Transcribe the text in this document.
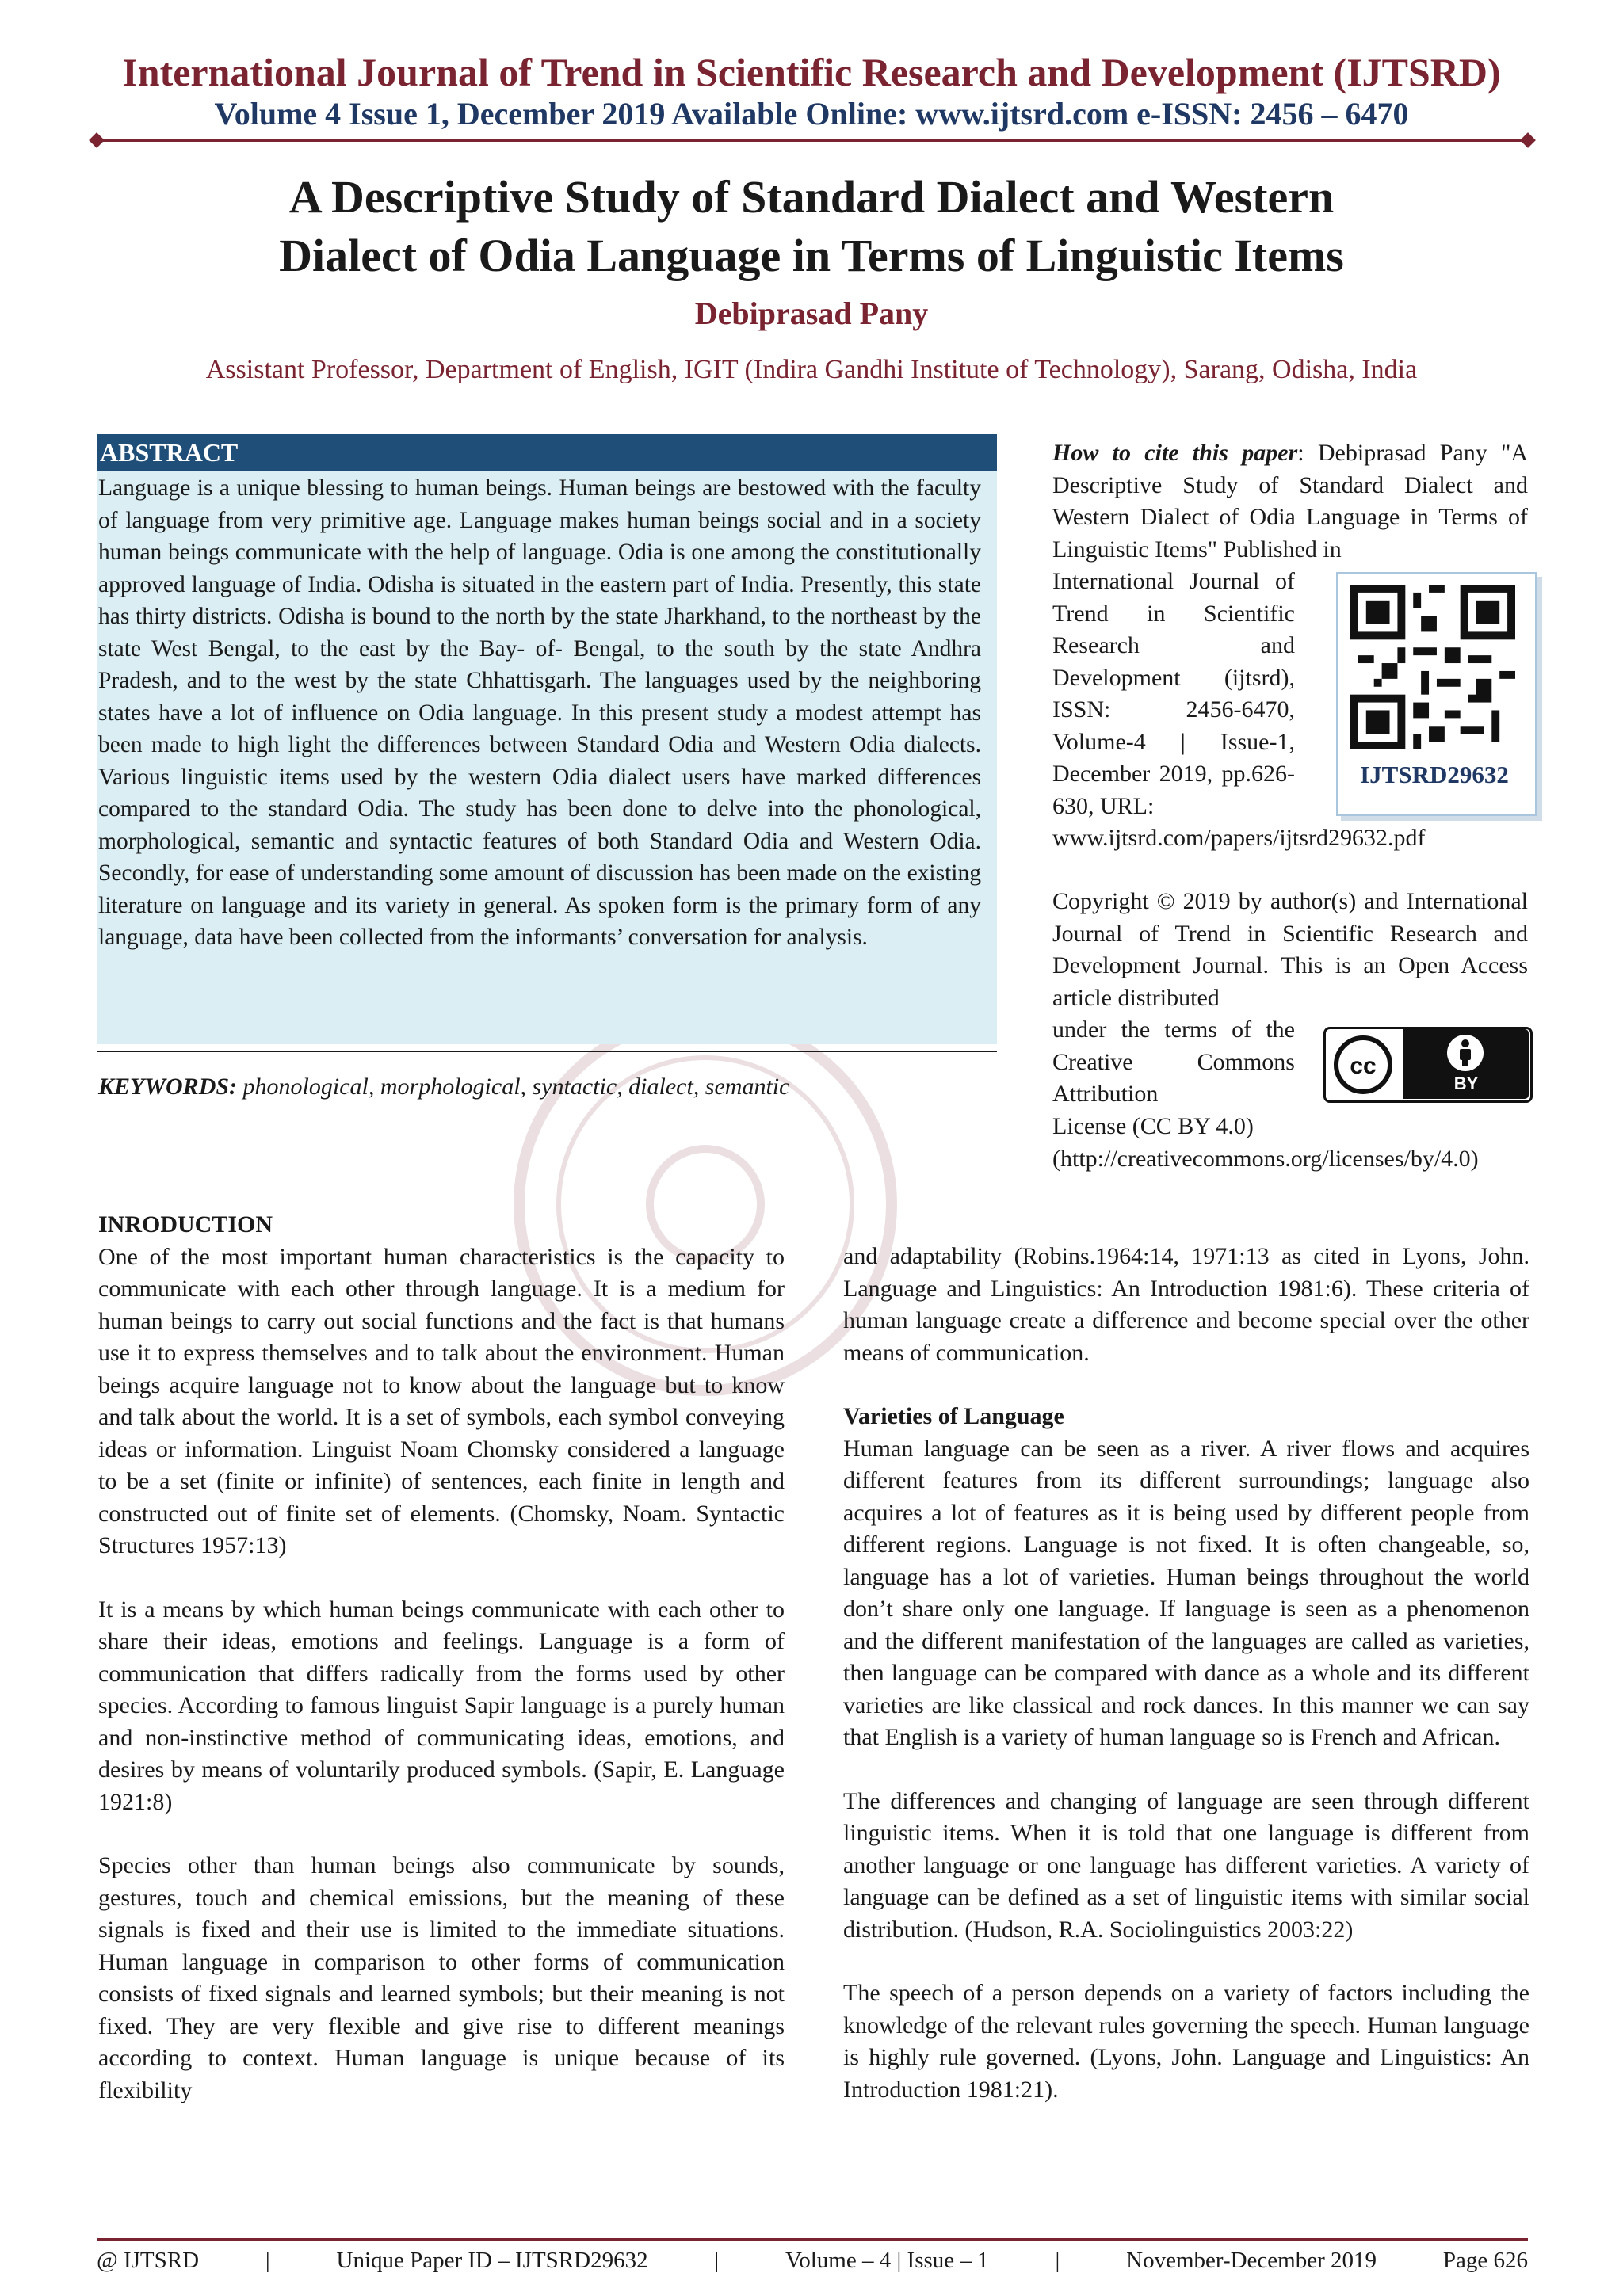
International Journal of Trend in Scientific Research and Development (IJTSRD)
Volume 4 Issue 1, December 2019 Available Online: www.ijtsrd.com e-ISSN: 2456 – 6470
A Descriptive Study of Standard Dialect and Western
Dialect of Odia Language in Terms of Linguistic Items
Debiprasad Pany
Assistant Professor, Department of English, IGIT (Indira Gandhi Institute of Technology), Sarang, Odisha, India
ABSTRACT
Language is a unique blessing to human beings. Human beings are bestowed with the faculty of language from very primitive age. Language makes human beings social and in a society human beings communicate with the help of language. Odia is one among the constitutionally approved language of India. Odisha is situated in the eastern part of India. Presently, this state has thirty districts. Odisha is bound to the north by the state Jharkhand, to the northeast by the state West Bengal, to the east by the Bay- of- Bengal, to the south by the state Andhra Pradesh, and to the west by the state Chhattisgarh. The languages used by the neighboring states have a lot of influence on Odia language. In this present study a modest attempt has been made to high light the differences between Standard Odia and Western Odia dialects. Various linguistic items used by the western Odia dialect users have marked differences compared to the standard Odia. The study has been done to delve into the phonological, morphological, semantic and syntactic features of both Standard Odia and Western Odia. Secondly, for ease of understanding some amount of discussion has been made on the existing literature on language and its variety in general. As spoken form is the primary form of any language, data have been collected from the informants’ conversation for analysis.
KEYWORDS: phonological, morphological, syntactic, dialect, semantic
How to cite this paper: Debiprasad Pany "A Descriptive Study of Standard Dialect and Western Dialect of Odia Language in Terms of Linguistic Items" Published in
International Journal of Trend in Scientific Research and Development (ijtsrd), ISSN: 2456-6470, Volume-4 | Issue-1, December 2019, pp.626-630, URL:
www.ijtsrd.com/papers/ijtsrd29632.pdf
IJTSRD29632
Copyright © 2019 by author(s) and International Journal of Trend in Scientific Research and Development Journal. This is an Open Access article distributed
under the terms of the Creative Commons Attribution
License (CC BY 4.0) (http://creativecommons.org/licenses/by/4.0)
cc
BY
INRODUCTION

One of the most important human characteristics is the capacity to communicate with each other through language. It is a medium for human beings to carry out social functions and the fact is that humans use it to express themselves and to talk about the environment. Human beings acquire language not to know about the language but to know and talk about the world. It is a set of symbols, each symbol conveying ideas or information. Linguist Noam Chomsky considered a language to be a set (finite or infinite) of sentences, each finite in length and constructed out of finite set of elements. (Chomsky, Noam. Syntactic Structures 1957:13)

It is a means by which human beings communicate with each other to share their ideas, emotions and feelings. Language is a form of communication that differs radically from the forms used by other species. According to famous linguist Sapir language is a purely human and non-instinctive method of communicating ideas, emotions, and desires by means of voluntarily produced symbols. (Sapir, E. Language 1921:8)

Species other than human beings also communicate by sounds, gestures, touch and chemical emissions, but the meaning of these signals is fixed and their use is limited to the immediate situations. Human language in comparison to other forms of communication consists of fixed signals and learned symbols; but their meaning is not fixed. They are very flexible and give rise to different meanings according to context. Human language is unique because of its flexibility

and adaptability (Robins.1964:14, 1971:13 as cited in Lyons, John. Language and Linguistics: An Introduction 1981:6). These criteria of human language create a difference and become special over the other means of communication.

Varieties of Language

Human language can be seen as a river. A river flows and acquires different features from its different surroundings; language also acquires a lot of features as it is being used by different people from different regions. Language is not fixed. It is often changeable, so, language has a lot of varieties. Human beings throughout the world don’t share only one language. If language is seen as a phenomenon and the different manifestation of the languages are called as varieties, then language can be compared with dance as a whole and its different varieties are like classical and rock dances. In this manner we can say that English is a variety of human language so is French and African.

The differences and changing of language are seen through different linguistic items. When it is told that one language is different from another language or one language has different varieties. A variety of language can be defined as a set of linguistic items with similar social distribution. (Hudson, R.A. Sociolinguistics 2003:22)

The speech of a person depends on a variety of factors including the knowledge of the relevant rules governing the speech. Human language is highly rule governed. (Lyons, John. Language and Linguistics: An Introduction 1981:21).

@ IJTSRD	|	Unique Paper ID – IJTSRD29632	|	Volume – 4 | Issue – 1	|	November-December 2019	Page 626
